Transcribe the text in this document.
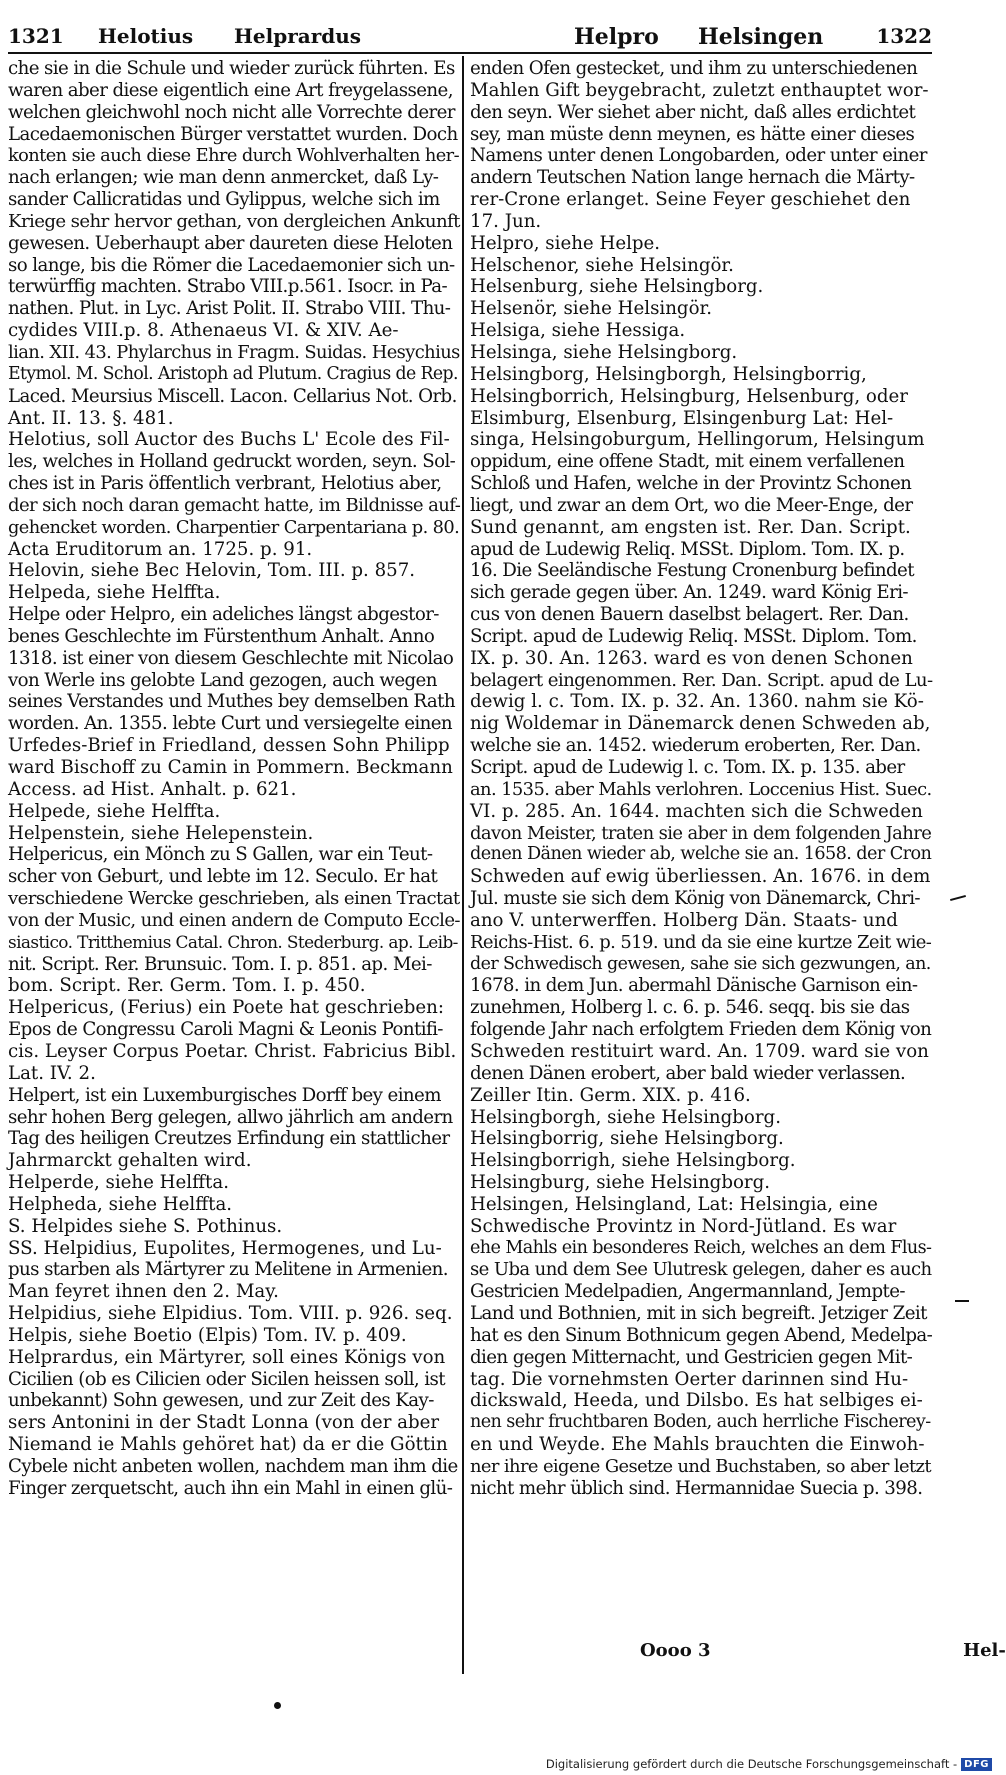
1321 Helotius Helprardus	Helpro Helsingen	1322
che sie in die Schule und wieder zurück führten. Es
waren aber diese eigentlich eine Art freygelassene,
welchen gleichwohl noch nicht alle Vorrechte derer
Lacedaemonischen Bürger verstattet wurden. Doch
konten sie auch diese Ehre durch Wohlverhalten her-
nach erlangen; wie man denn anmercket, daß Ly-
sander Callicratidas und Gylippus, welche sich im
Kriege sehr hervor gethan, von dergleichen Ankunft
gewesen. Ueberhaupt aber daureten diese Heloten
so lange, bis die Römer die Lacedaemonier sich un-
terwürffig machten. Strabo VIII.p.561. Isocr. in Pa-
nathen. Plut. in Lyc. Arist Polit. II. Strabo VIII. Thu-
cydides VIII.p. 8. Athenaeus VI. & XIV. Ae-
lian. XII. 43. Phylarchus in Fragm. Suidas. Hesychius
Etymol. M. Schol. Aristoph ad Plutum. Cragius de Rep.
Laced. Meursius Miscell. Lacon. Cellarius Not. Orb.
Ant. II. 13. §. 481.
Helotius, soll Auctor des Buchs L' Ecole des Fil-
les, welches in Holland gedruckt worden, seyn. Sol-
ches ist in Paris öffentlich verbrant, Helotius aber,
der sich noch daran gemacht hatte, im Bildnisse auf-
gehencket worden. Charpentier Carpentariana p. 80.
Acta Eruditorum an. 1725. p. 91.
Helovin, siehe Bec Helovin, Tom. III. p. 857.
Helpeda, siehe Helffta.
Helpe oder Helpro, ein adeliches längst abgestor-
benes Geschlechte im Fürstenthum Anhalt. Anno
1318. ist einer von diesem Geschlechte mit Nicolao
von Werle ins gelobte Land gezogen, auch wegen
seines Verstandes und Muthes bey demselben Rath
worden. An. 1355. lebte Curt und versiegelte einen
Urfedes-Brief in Friedland, dessen Sohn Philipp
ward Bischoff zu Camin in Pommern. Beckmann
Access. ad Hist. Anhalt. p. 621.
Helpede, siehe Helffta.
Helpenstein, siehe Helepenstein.
Helpericus, ein Mönch zu S Gallen, war ein Teut-
scher von Geburt, und lebte im 12. Seculo. Er hat
verschiedene Wercke geschrieben, als einen Tractat
von der Music, und einen andern de Computo Eccle-
siastico. Tritthemius Catal. Chron. Stederburg. ap. Leib-
nit. Script. Rer. Brunsuic. Tom. I. p. 851. ap. Mei-
bom. Script. Rer. Germ. Tom. I. p. 450.
Helpericus, (Ferius) ein Poete hat geschrieben:
Epos de Congressu Caroli Magni & Leonis Pontifi-
cis. Leyser Corpus Poetar. Christ. Fabricius Bibl.
Lat. IV. 2.
Helpert, ist ein Luxemburgisches Dorff bey einem
sehr hohen Berg gelegen, allwo jährlich am andern
Tag des heiligen Creutzes Erfindung ein stattlicher
Jahrmarckt gehalten wird.
Helperde, siehe Helffta.
Helpheda, siehe Helffta.
S. Helpides siehe S. Pothinus.
SS. Helpidius, Eupolites, Hermogenes, und Lu-
pus starben als Märtyrer zu Melitene in Armenien.
Man feyret ihnen den 2. May.
Helpidius, siehe Elpidius. Tom. VIII. p. 926. seq.
Helpis, siehe Boetio (Elpis) Tom. IV. p. 409.
Helprardus, ein Märtyrer, soll eines Königs von
Cicilien (ob es Cilicien oder Sicilen heissen soll, ist
unbekannt) Sohn gewesen, und zur Zeit des Kay-
sers Antonini in der Stadt Lonna (von der aber
Niemand ie Mahls gehöret hat) da er die Göttin
Cybele nicht anbeten wollen, nachdem man ihm die
Finger zerquetscht, auch ihn ein Mahl in einen glü-
enden Ofen gestecket, und ihm zu unterschiedenen
Mahlen Gift beygebracht, zuletzt enthauptet wor-
den seyn. Wer siehet aber nicht, daß alles erdichtet
sey, man müste denn meynen, es hätte einer dieses
Namens unter denen Longobarden, oder unter einer
andern Teutschen Nation lange hernach die Märty-
rer-Crone erlanget. Seine Feyer geschiehet den
17. Jun.
Helpro, siehe Helpe.
Helschenor, siehe Helsingör.
Helsenburg, siehe Helsingborg.
Helsenör, siehe Helsingör.
Helsiga, siehe Hessiga.
Helsinga, siehe Helsingborg.
Helsingborg, Helsingborgh, Helsingborrig,
Helsingborrich, Helsingburg, Helsenburg, oder
Elsimburg, Elsenburg, Elsingenburg Lat: Hel-
singa, Helsingoburgum, Hellingorum, Helsingum
oppidum, eine offene Stadt, mit einem verfallenen
Schloß und Hafen, welche in der Provintz Schonen
liegt, und zwar an dem Ort, wo die Meer-Enge, der
Sund genannt, am engsten ist. Rer. Dan. Script.
apud de Ludewig Reliq. MSSt. Diplom. Tom. IX. p.
16. Die Seeländische Festung Cronenburg befindet
sich gerade gegen über. An. 1249. ward König Eri-
cus von denen Bauern daselbst belagert. Rer. Dan.
Script. apud de Ludewig Reliq. MSSt. Diplom. Tom.
IX. p. 30. An. 1263. ward es von denen Schonen
belagert eingenommen. Rer. Dan. Script. apud de Lu-
dewig l. c. Tom. IX. p. 32. An. 1360. nahm sie Kö-
nig Woldemar in Dänemarck denen Schweden ab,
welche sie an. 1452. wiederum eroberten, Rer. Dan.
Script. apud de Ludewig l. c. Tom. IX. p. 135. aber
an. 1535. aber Mahls verlohren. Loccenius Hist. Suec.
VI. p. 285. An. 1644. machten sich die Schweden
davon Meister, traten sie aber in dem folgenden Jahre
denen Dänen wieder ab, welche sie an. 1658. der Cron
Schweden auf ewig überliessen. An. 1676. in dem
Jul. muste sie sich dem König von Dänemarck, Chri-
ano V. unterwerffen. Holberg Dän. Staats- und
Reichs-Hist. 6. p. 519. und da sie eine kurtze Zeit wie-
der Schwedisch gewesen, sahe sie sich gezwungen, an.
1678. in dem Jun. abermahl Dänische Garnison ein-
zunehmen, Holberg l. c. 6. p. 546. seqq. bis sie das
folgende Jahr nach erfolgtem Frieden dem König von
Schweden restituirt ward. An. 1709. ward sie von
denen Dänen erobert, aber bald wieder verlassen.
Zeiller Itin. Germ. XIX. p. 416.
Helsingborgh, siehe Helsingborg.
Helsingborrig, siehe Helsingborg.
Helsingborrigh, siehe Helsingborg.
Helsingburg, siehe Helsingborg.
Helsingen, Helsingland, Lat: Helsingia, eine
Schwedische Provintz in Nord-Jütland. Es war
ehe Mahls ein besonderes Reich, welches an dem Flus-
se Uba und dem See Ulutresk gelegen, daher es auch
Gestricien Medelpadien, Angermannland, Jempte-
Land und Bothnien, mit in sich begreift. Jetziger Zeit
hat es den Sinum Bothnicum gegen Abend, Medelpa-
dien gegen Mitternacht, und Gestricien gegen Mit-
tag. Die vornehmsten Oerter darinnen sind Hu-
dickswald, Heeda, und Dilsbo. Es hat selbiges ei-
nen sehr fruchtbaren Boden, auch herrliche Fischerey-
en und Weyde. Ehe Mahls brauchten die Einwoh-
ner ihre eigene Gesetze und Buchstaben, so aber letzt
nicht mehr üblich sind. Hermannidae Suecia p. 398.
Oooo 3	Hel-
Digitalisierung gefördert durch die Deutsche Forschungsgemeinschaft - DFG
